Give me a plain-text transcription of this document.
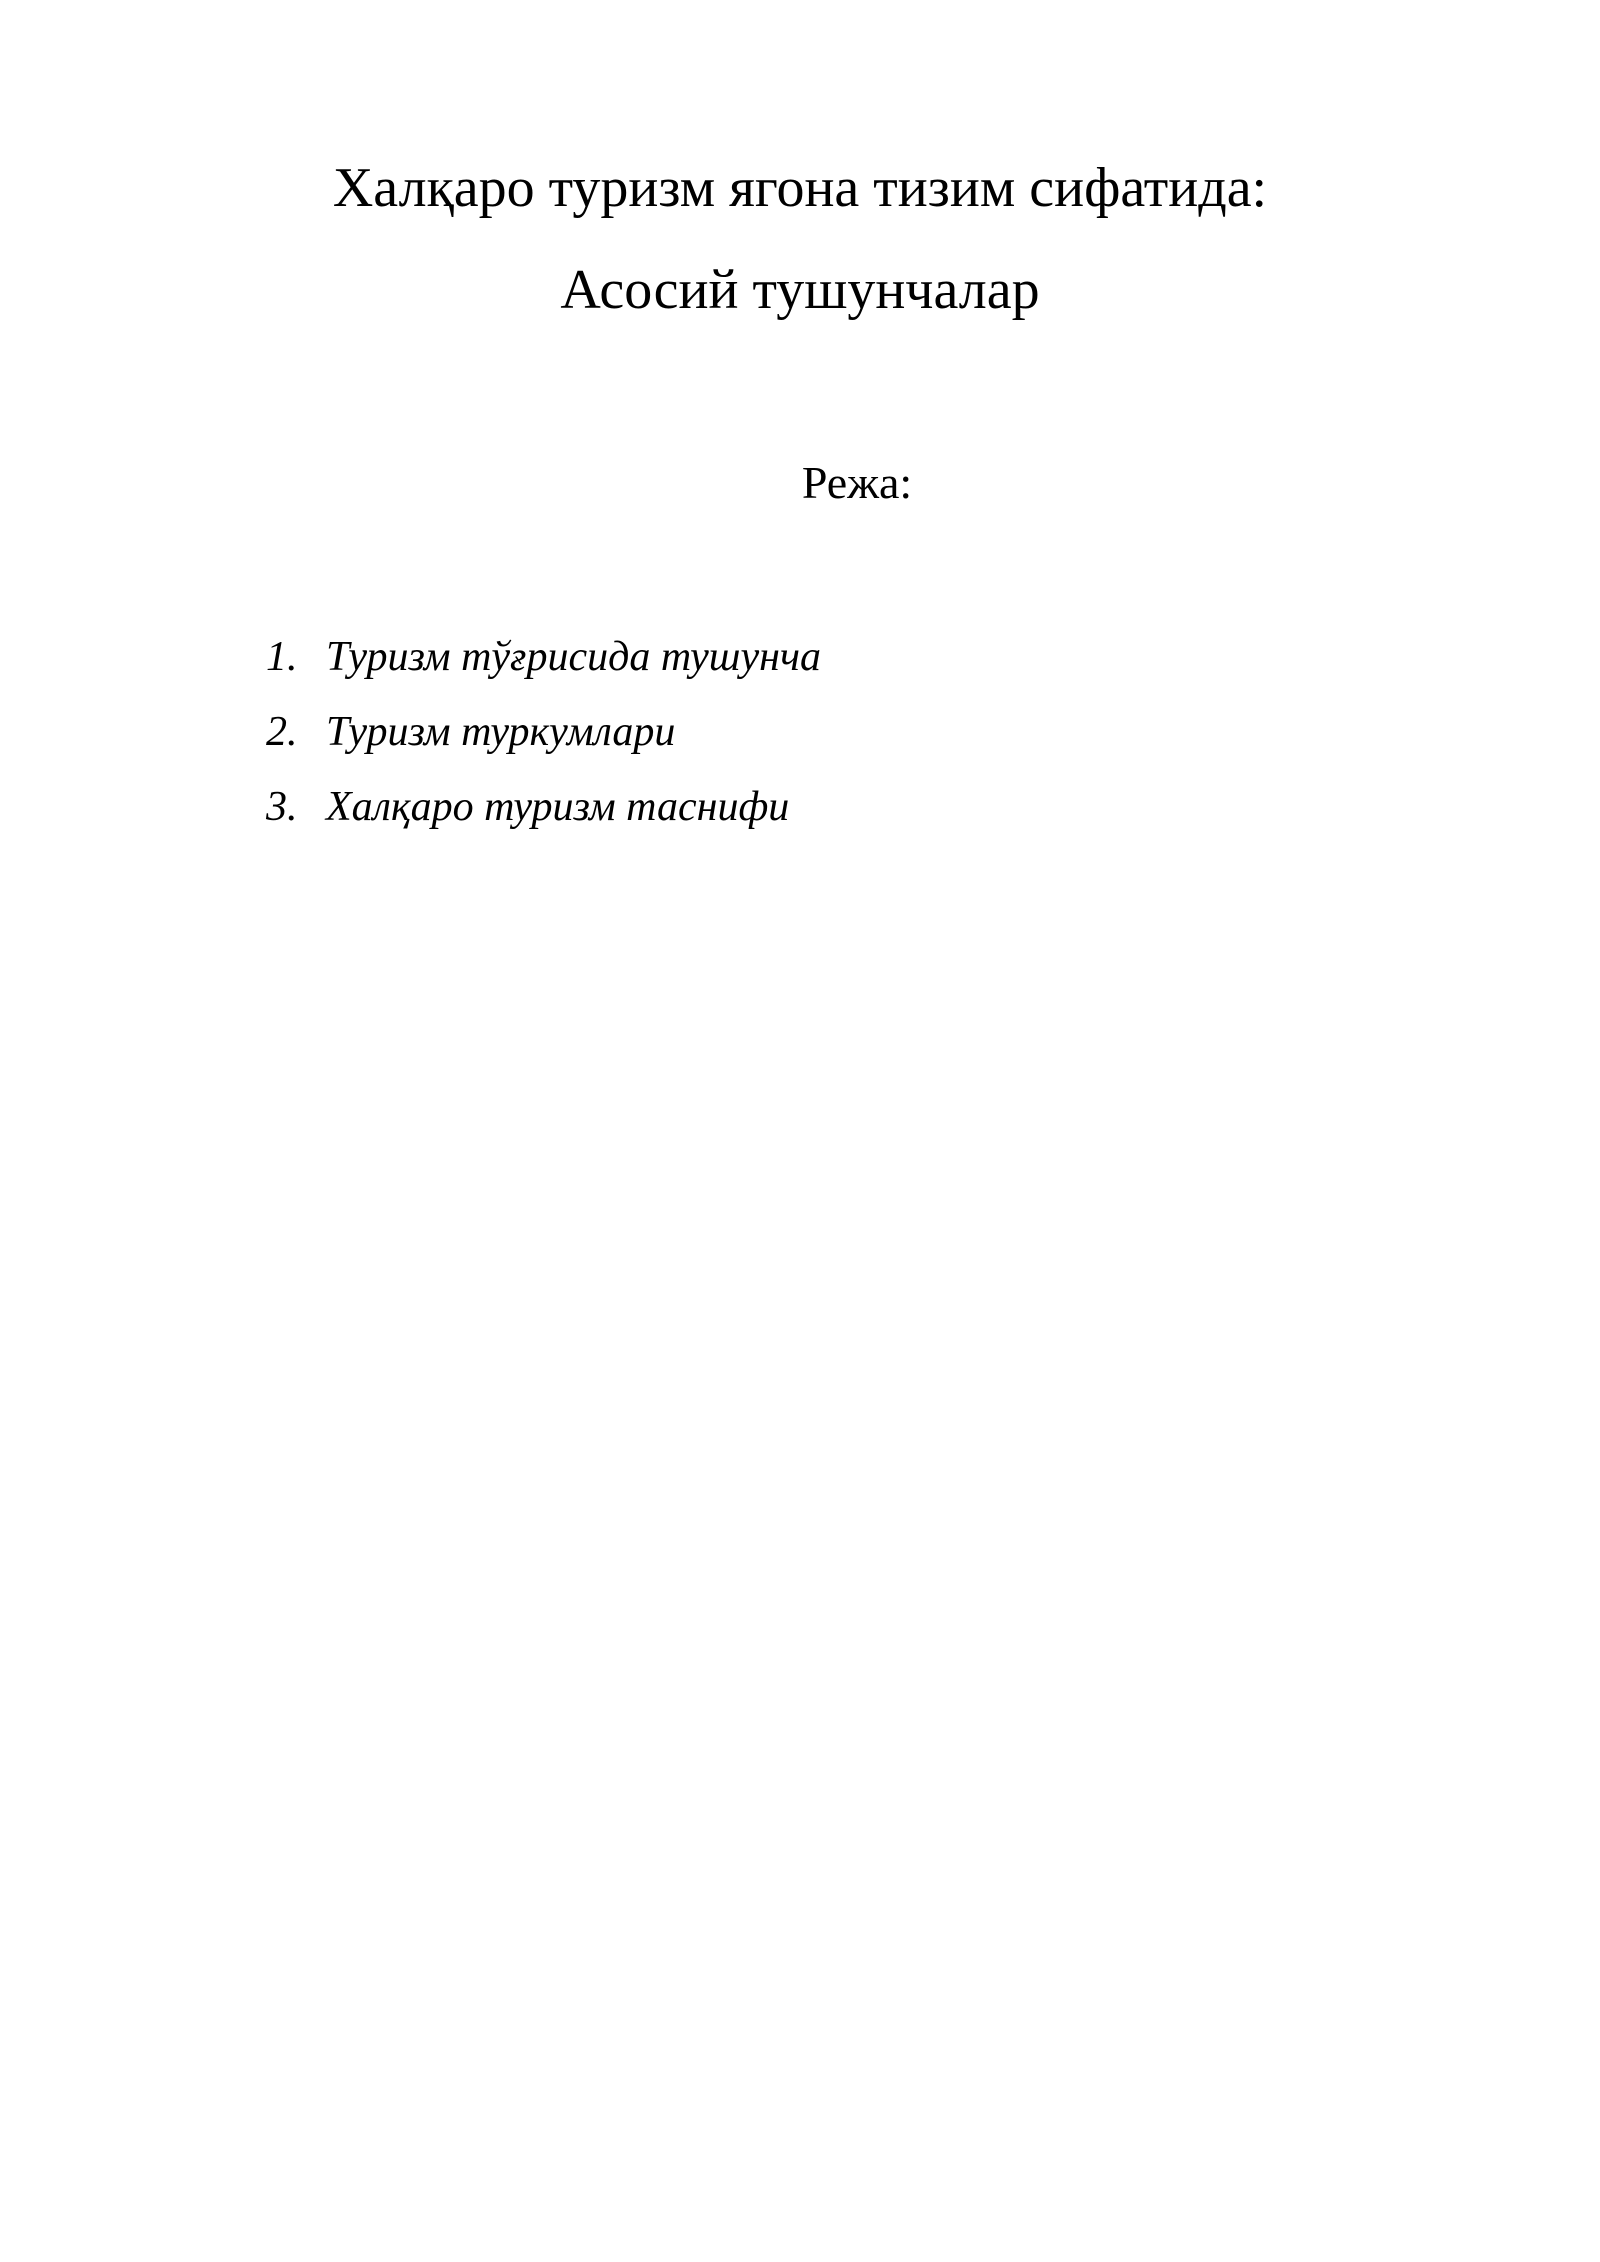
Халқаро туризм ягона тизим сифатида:
Асосий тушунчалар
Режа:
1. Туризм тўғрисида тушунча
2. Туризм туркумлари
3. Халқаро туризм таснифи
